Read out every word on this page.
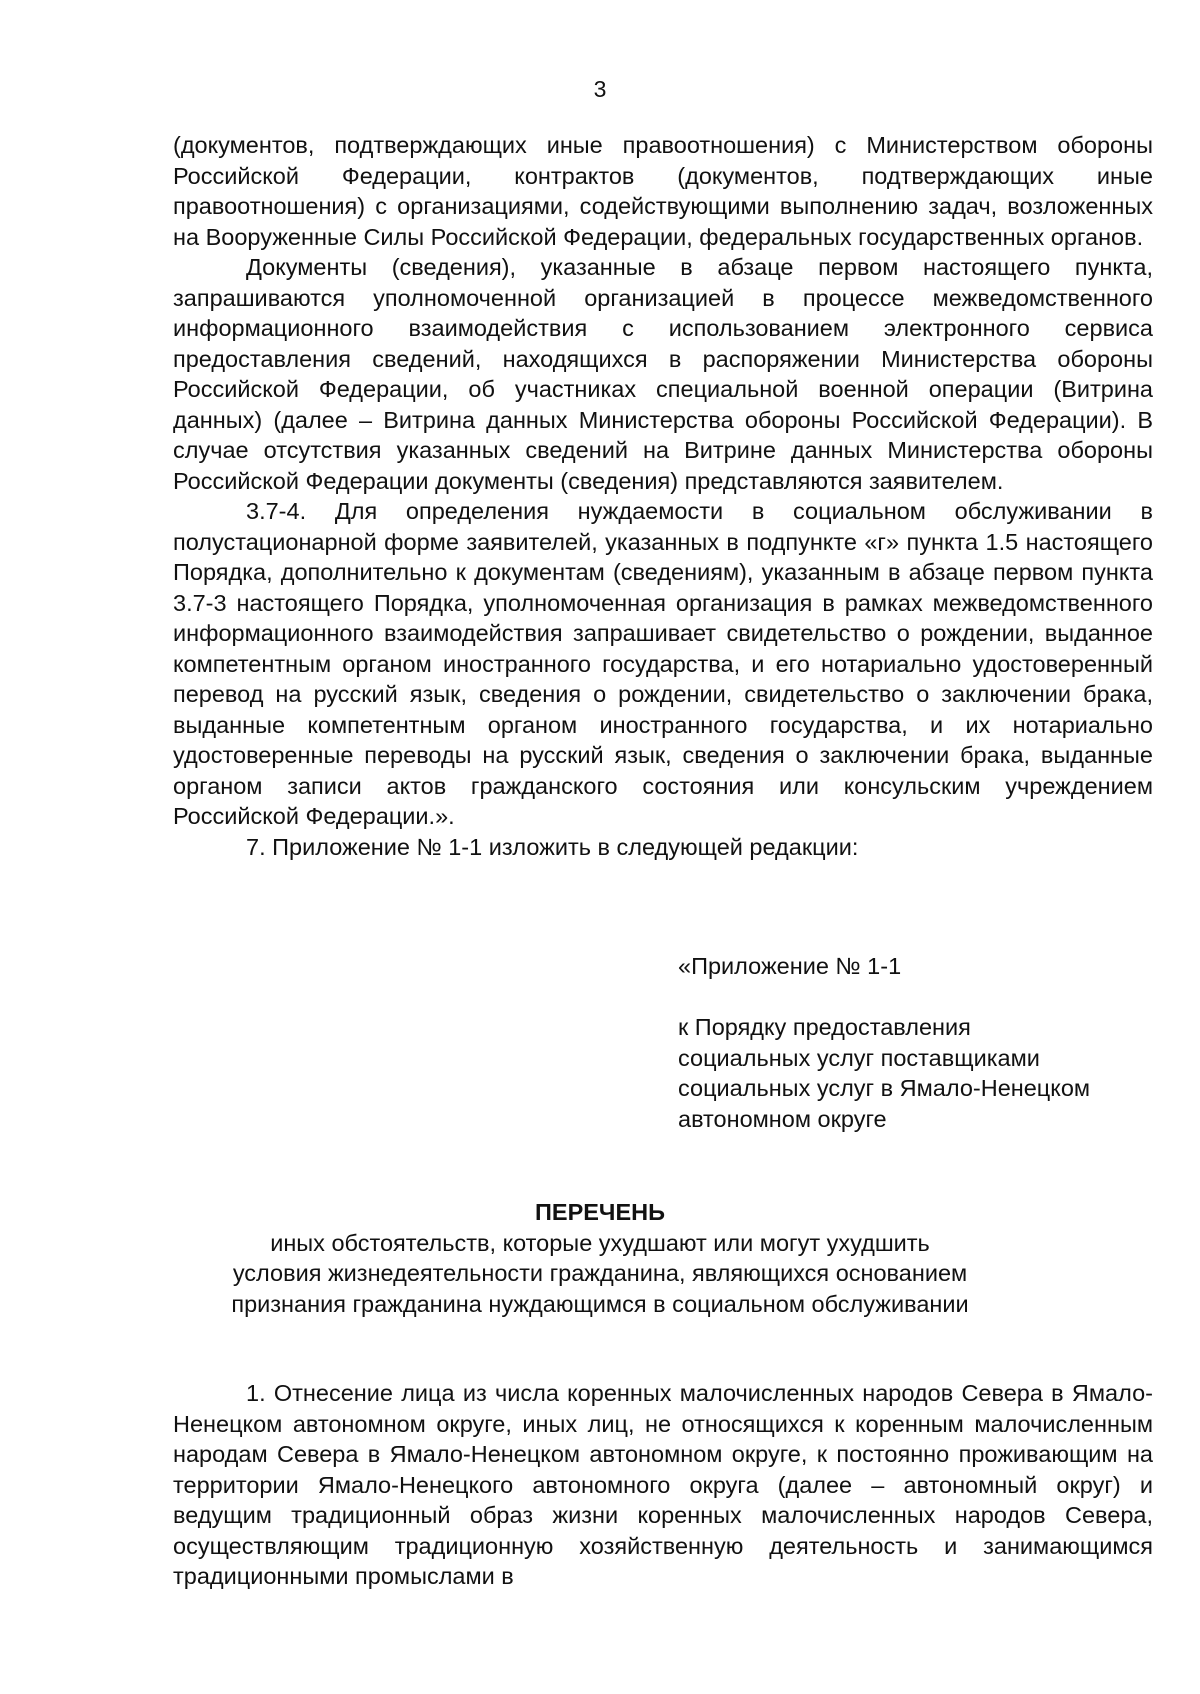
3

(документов, подтверждающих иные правоотношения) с Министерством обороны Российской Федерации, контрактов (документов, подтверждающих иные правоотношения) с организациями, содействующими выполнению задач, возложенных на Вооруженные Силы Российской Федерации, федеральных государственных органов.

Документы (сведения), указанные в абзаце первом настоящего пункта, запрашиваются уполномоченной организацией в процессе межведомственного информационного взаимодействия с использованием электронного сервиса предоставления сведений, находящихся в распоряжении Министерства обороны Российской Федерации, об участниках специальной военной операции (Витрина данных) (далее – Витрина данных Министерства обороны Российской Федерации). В случае отсутствия указанных сведений на Витрине данных Министерства обороны Российской Федерации документы (сведения) представляются заявителем.

3.7-4. Для определения нуждаемости в социальном обслуживании в полустационарной форме заявителей, указанных в подпункте «г» пункта 1.5 настоящего Порядка, дополнительно к документам (сведениям), указанным в абзаце первом пункта 3.7-3 настоящего Порядка, уполномоченная организация в рамках межведомственного информационного взаимодействия запрашивает свидетельство о рождении, выданное компетентным органом иностранного государства, и его нотариально удостоверенный перевод на русский язык, сведения о рождении, свидетельство о заключении брака, выданные компетентным органом иностранного государства, и их нотариально удостоверенные переводы на русский язык, сведения о заключении брака, выданные органом записи актов гражданского состояния или консульским учреждением Российской Федерации.».

7. Приложение № 1-1 изложить в следующей редакции:

«Приложение № 1-1
к Порядку предоставления
социальных услуг поставщиками
социальных услуг в Ямало-Ненецком
автономном округе
ПЕРЕЧЕНЬ
иных обстоятельств, которые ухудшают или могут ухудшить
условия жизнедеятельности гражданина, являющихся основанием
признания гражданина нуждающимся в социальном обслуживании

1. Отнесение лица из числа коренных малочисленных народов Севера в Ямало-Ненецком автономном округе, иных лиц, не относящихся к коренным малочисленным народам Севера в Ямало-Ненецком автономном округе, к постоянно проживающим на территории Ямало-Ненецкого автономного округа (далее – автономный округ) и ведущим традиционный образ жизни коренных малочисленных народов Севера, осуществляющим традиционную хозяйственную деятельность и занимающимся традиционными промыслами в
